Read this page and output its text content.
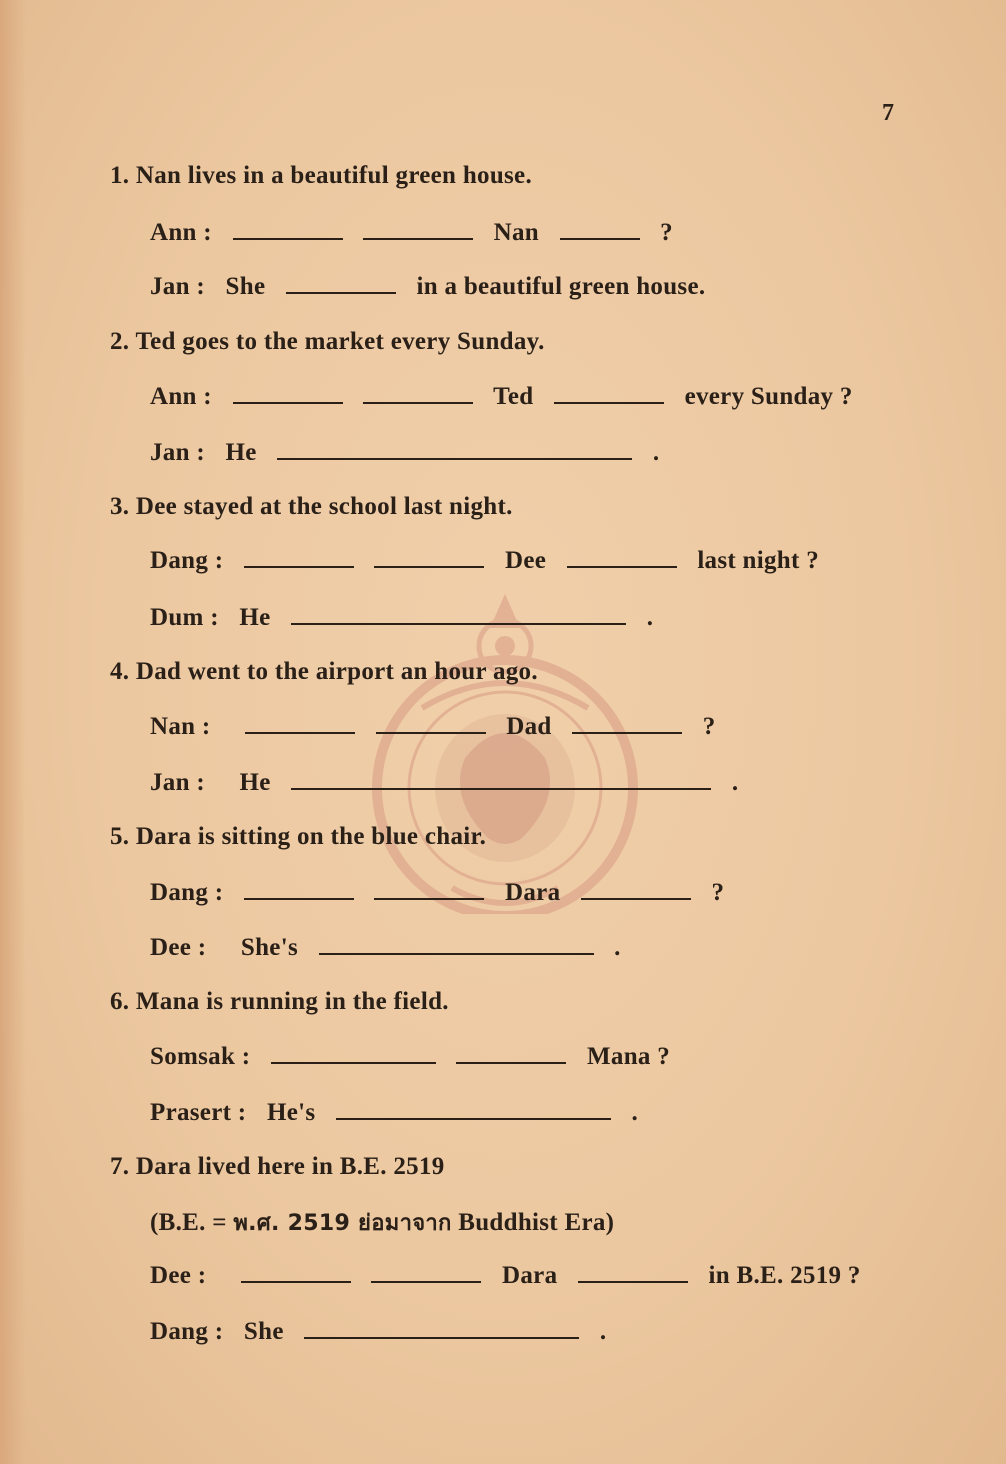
7
1. Nan lives in a beautiful green house.
Ann :	Nan	?
Jan : She	in a beautiful green house.
2. Ted goes to the market every Sunday.
Ann :	Ted	every Sunday ?
Jan : He	.
3. Dee stayed at the school last night.
Dang :	Dee	last night ?
Dum : He	.
4. Dad went to the airport an hour ago.
Nan :	Dad	?
Jan : He	.
5. Dara is sitting on the blue chair.
Dang :	Dara	?
Dee : She's	.
6. Mana is running in the field.
Somsak :	Mana ?
Prasert : He's	.
7. Dara lived here in B.E. 2519
(B.E. = พ.ศ. 2519 ย่อมาจาก Buddhist Era)
Dee :	Dara	in B.E. 2519 ?
Dang : She	.
